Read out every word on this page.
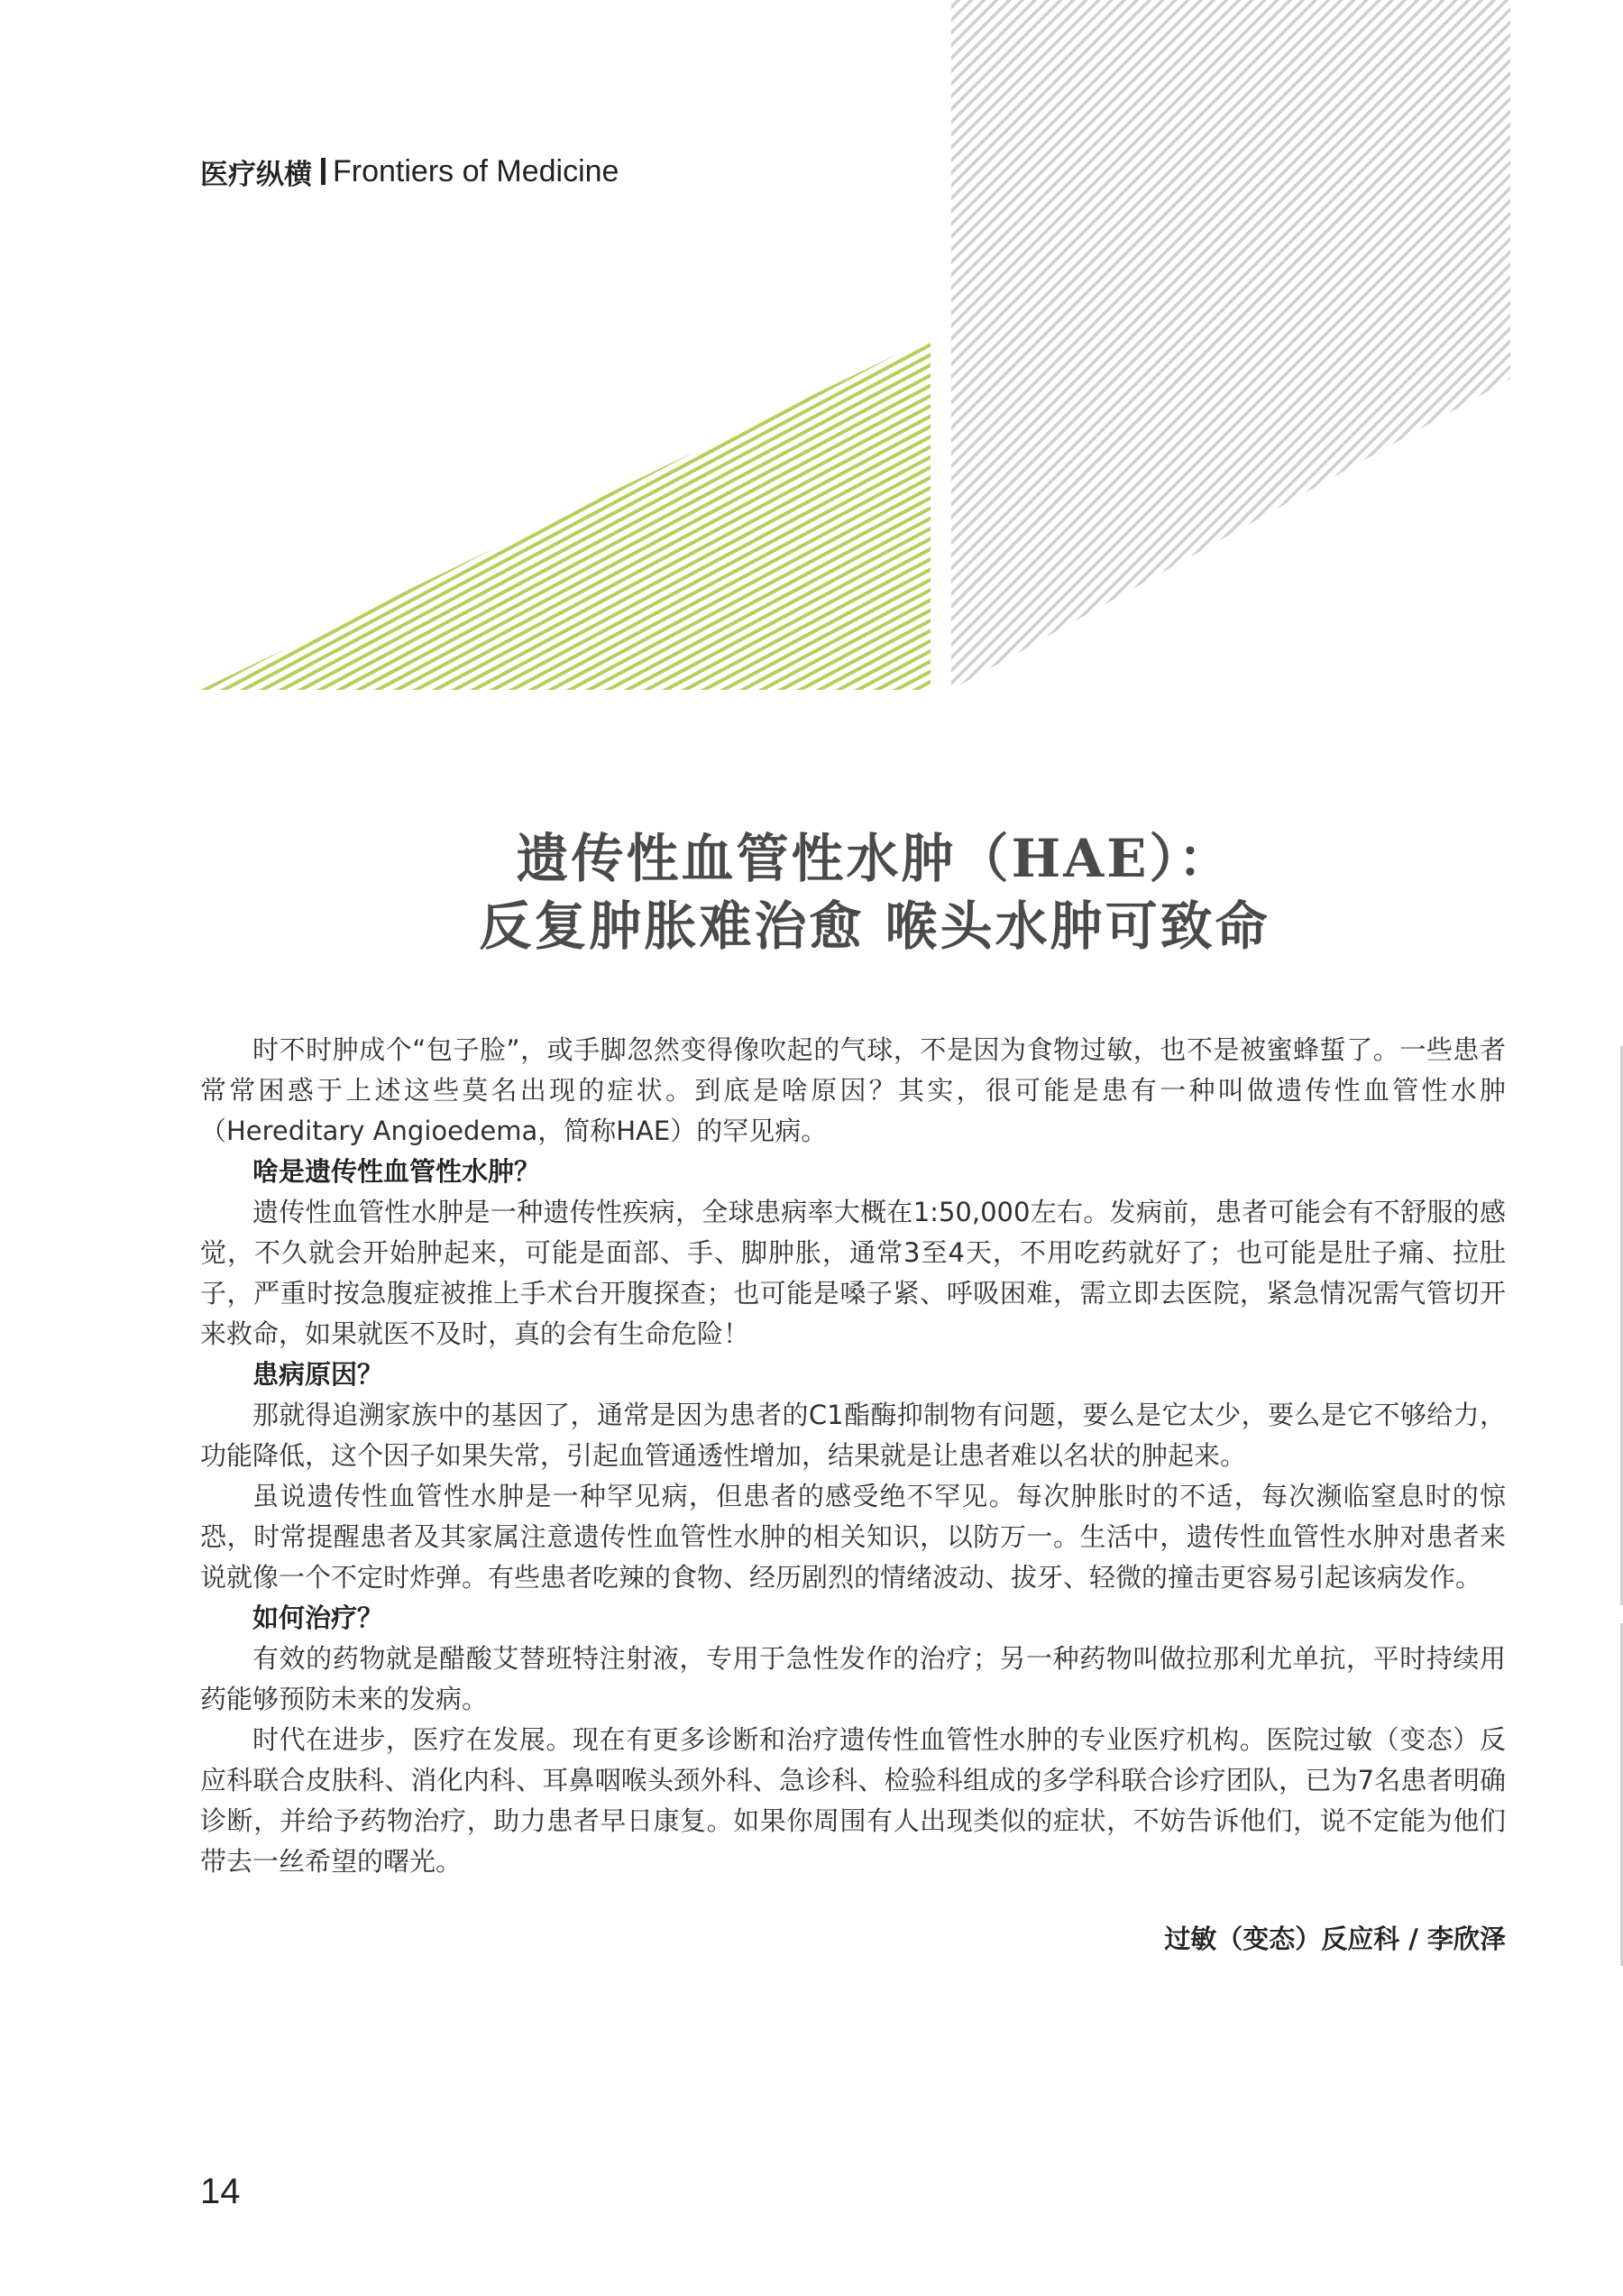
医疗纵横 Frontiers of Medicine
遗传性血管性水肿（HAE）：
反复肿胀难治愈 喉头水肿可致命

时不时肿成个“包子脸”，或手脚忽然变得像吹起的气球，不是因为食物过敏，也不是被蜜蜂蜇了。一些患者常常困惑于上述这些莫名出现的症状。到底是啥原因？其实，很可能是患有一种叫做遗传性血管性水肿（Hereditary Angioedema，简称HAE）的罕见病。

啥是遗传性血管性水肿？

遗传性血管性水肿是一种遗传性疾病，全球患病率大概在1:50,000左右。发病前，患者可能会有不舒服的感觉，不久就会开始肿起来，可能是面部、手、脚肿胀，通常3至4天，不用吃药就好了；也可能是肚子痛、拉肚子，严重时按急腹症被推上手术台开腹探查；也可能是嗓子紧、呼吸困难，需立即去医院，紧急情况需气管切开来救命，如果就医不及时，真的会有生命危险！

患病原因？

那就得追溯家族中的基因了，通常是因为患者的C1酯酶抑制物有问题，要么是它太少，要么是它不够给力，功能降低，这个因子如果失常，引起血管通透性增加，结果就是让患者难以名状的肿起来。

虽说遗传性血管性水肿是一种罕见病，但患者的感受绝不罕见。每次肿胀时的不适，每次濒临窒息时的惊恐，时常提醒患者及其家属注意遗传性血管性水肿的相关知识，以防万一。生活中，遗传性血管性水肿对患者来说就像一个不定时炸弹。有些患者吃辣的食物、经历剧烈的情绪波动、拔牙、轻微的撞击更容易引起该病发作。

如何治疗？

有效的药物就是醋酸艾替班特注射液，专用于急性发作的治疗；另一种药物叫做拉那利尤单抗，平时持续用药能够预防未来的发病。

时代在进步，医疗在发展。现在有更多诊断和治疗遗传性血管性水肿的专业医疗机构。医院过敏（变态）反应科联合皮肤科、消化内科、耳鼻咽喉头颈外科、急诊科、检验科组成的多学科联合诊疗团队，已为7名患者明确诊断，并给予药物治疗，助力患者早日康复。如果你周围有人出现类似的症状，不妨告诉他们，说不定能为他们带去一丝希望的曙光。

过敏（变态）反应科 / 李欣泽
14
